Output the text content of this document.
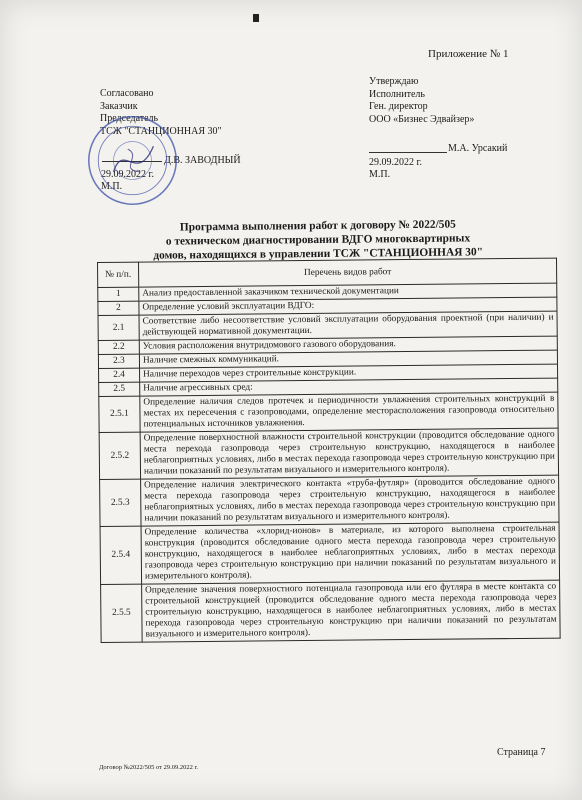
Приложение № 1
Согласовано
Заказчик
Председатель
ТСЖ "СТАНЦИОННАЯ 30"
Д.В. ЗАВОДНЫЙ
29.09.2022 г.
М.П.
Утверждаю
Исполнитель
Ген. директор
ООО «Бизнес Эдвайзер»
М.А. Урсакий
29.09.2022 г.
М.П.
Программа выполнения работ к договору № 2022/505
о техническом диагностировании ВДГО многоквартирных
домов, находящихся в управлении ТСЖ "СТАНЦИОННАЯ 30"
№ п/п.	Перечень видов работ
1	Анализ предоставленной заказчиком технической документации
2	Определение условий эксплуатации ВДГО:
2.1	Соответствие либо несоответствие условий эксплуатации оборудования проектной (при наличии) и действующей нормативной документации.
2.2	Условия расположения внутридомового газового оборудования.
2.3	Наличие смежных коммуникаций.
2.4	Наличие переходов через строительные конструкции.
2.5	Наличие агрессивных сред:
2.5.1	Определение наличия следов протечек и периодичности увлажнения строительных конструкций в местах их пересечения с газопроводами, определение месторасположения газопровода относительно потенциальных источников увлажнения.
2.5.2	Определение поверхностной влажности строительной конструкции (проводится обследование одного места перехода газопровода через строительную конструкцию, находящегося в наиболее неблагоприятных условиях, либо в местах перехода газопровода через строительную конструкцию при наличии показаний по результатам визуального и измерительного контроля).
2.5.3	Определение наличия электрического контакта «труба-футляр» (проводится обследование одного места перехода газопровода через строительную конструкцию, находящегося в наиболее неблагоприятных условиях, либо в местах перехода газопровода через строительную конструкцию при наличии показаний по результатам визуального и измерительного контроля).
2.5.4	Определение количества «хлорид-ионов» в материале, из которого выполнена строительная конструкция (проводится обследование одного места перехода газопровода через строительную конструкцию, находящегося в наиболее неблагоприятных условиях, либо в местах перехода газопровода через строительную конструкцию при наличии показаний по результатам визуального и измерительного контроля).
2.5.5	Определение значения поверхностного потенциала газопровода или его футляра в месте контакта со строительной конструкцией (проводится обследование одного места перехода газопровода через строительную конструкцию, находящегося в наиболее неблагоприятных условиях, либо в местах перехода газопровода через строительную конструкцию при наличии показаний по результатам визуального и измерительного контроля).
Договор №2022/505 от 29.09.2022 г.
Страница 7
